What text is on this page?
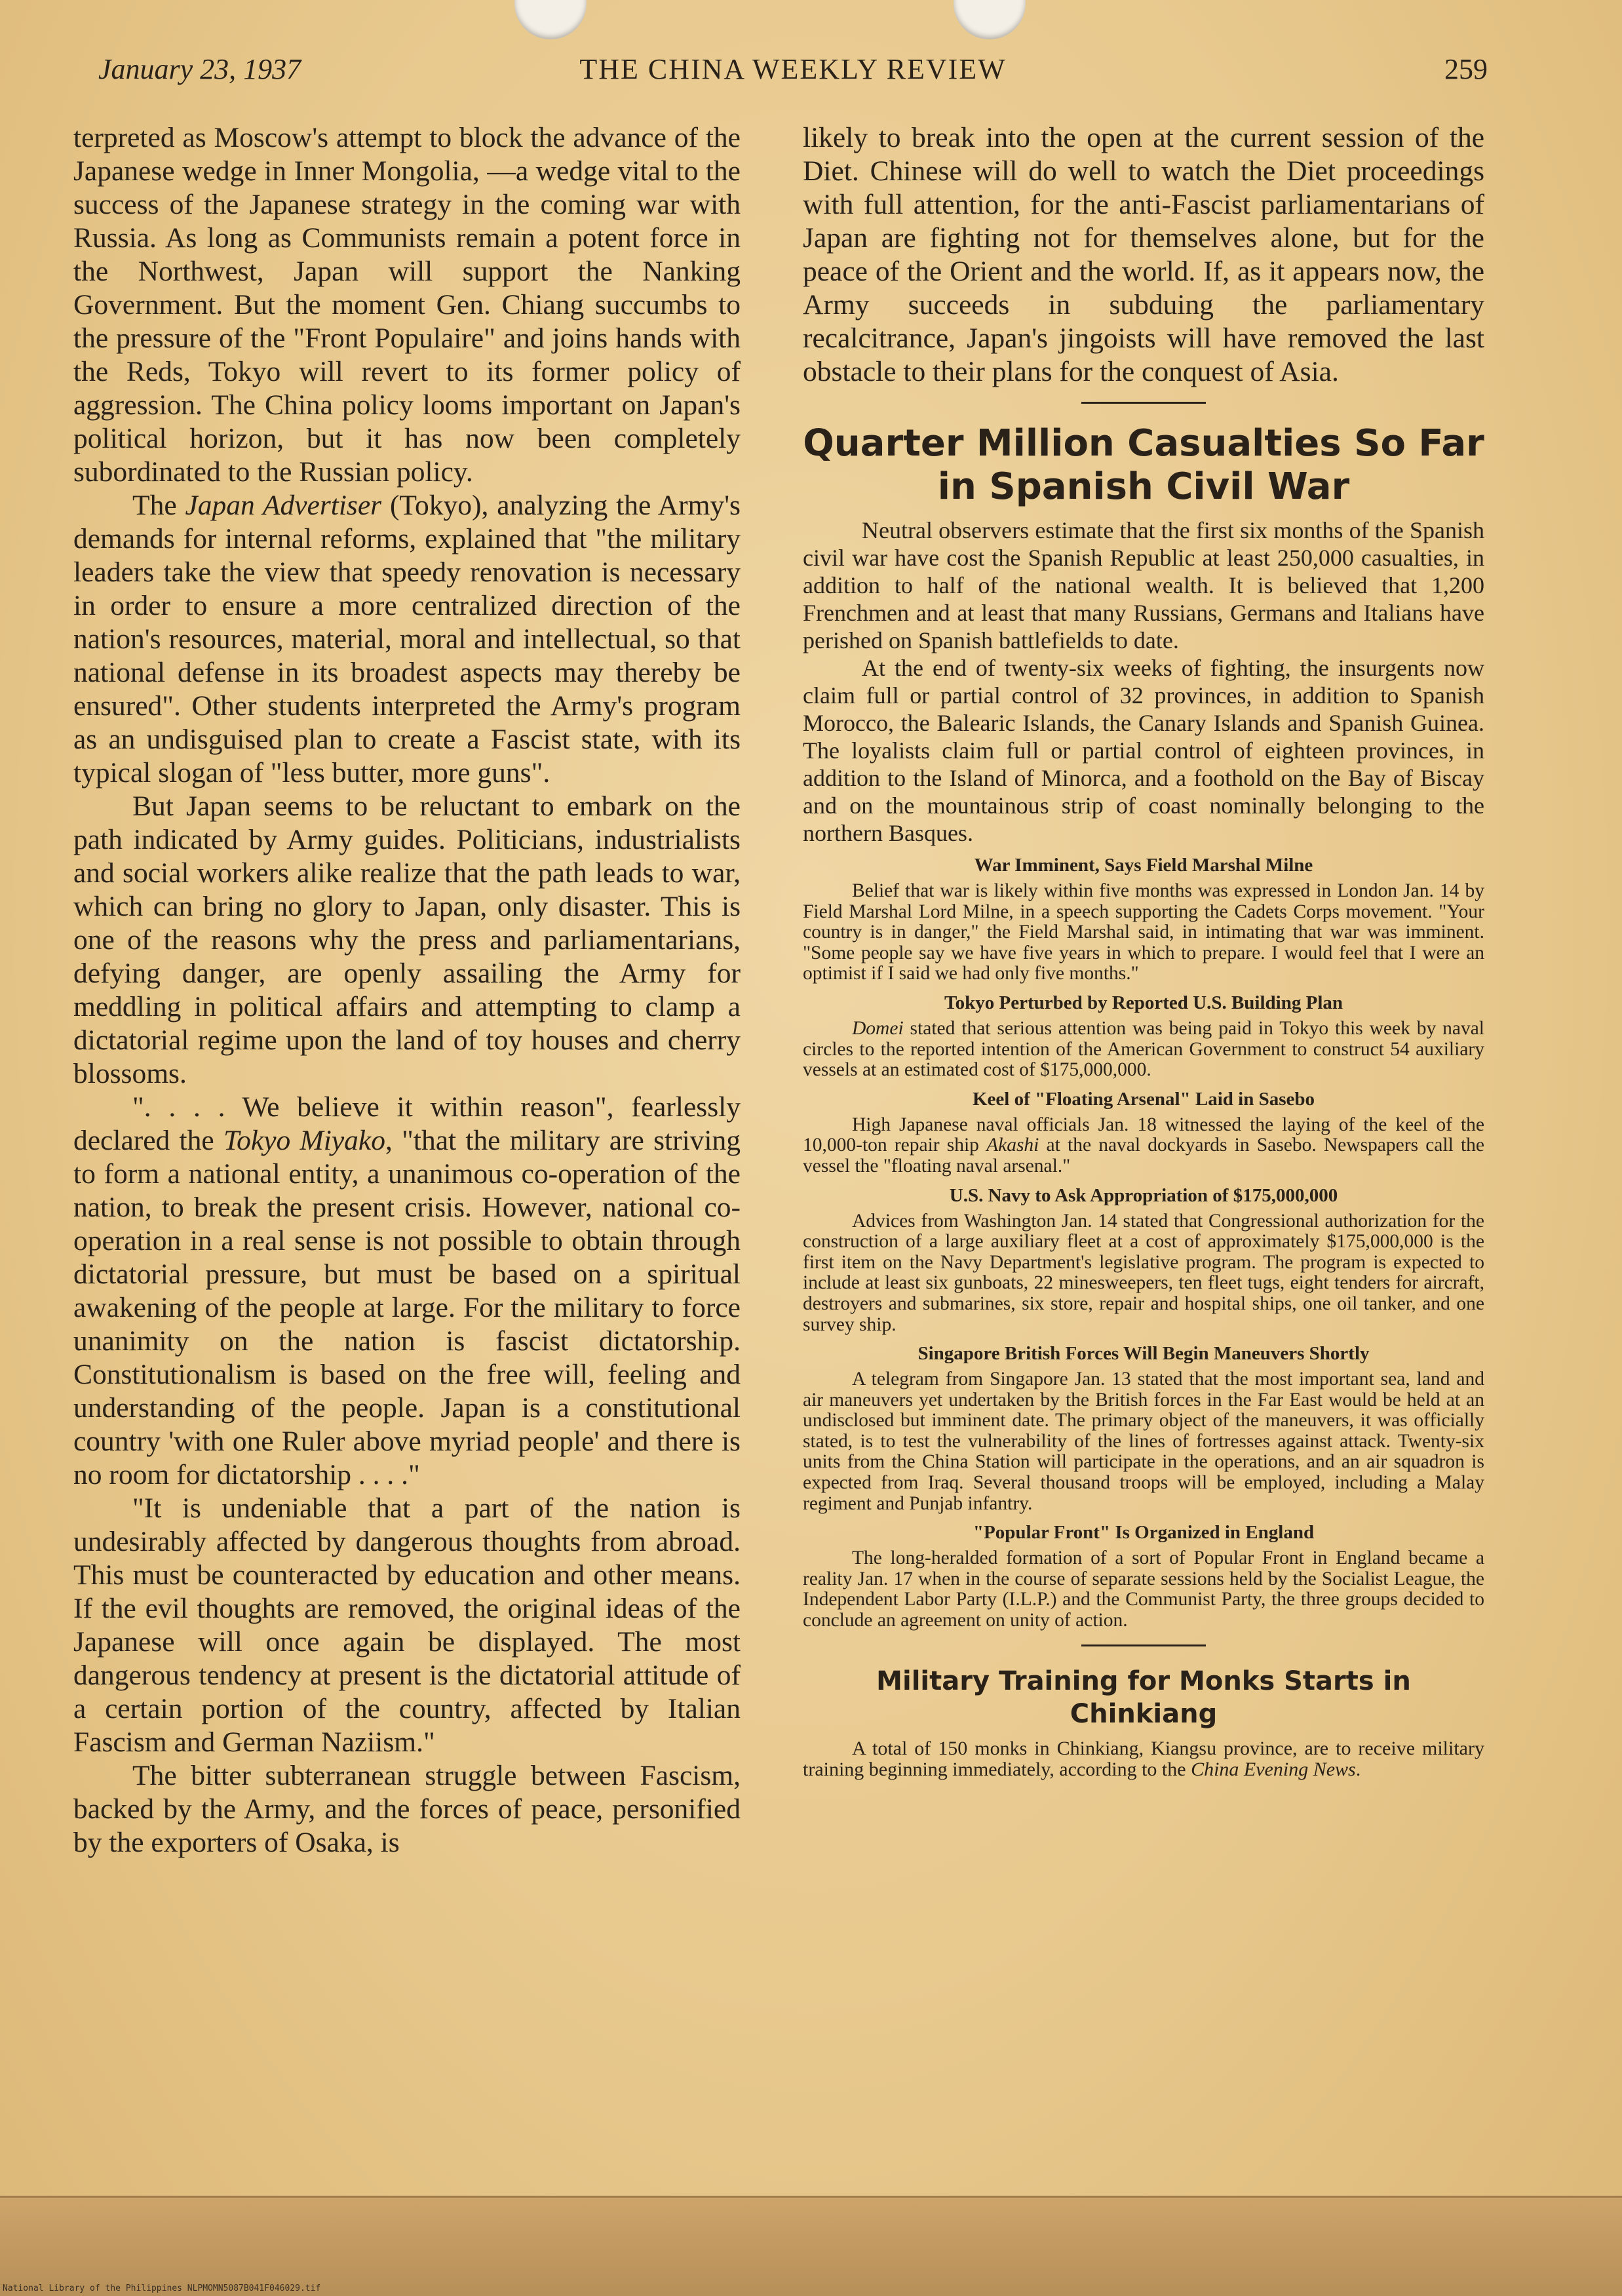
January 23, 1937	THE CHINA WEEKLY REVIEW	259

terpreted as Moscow's attempt to block the advance of the Japanese wedge in Inner Mongolia, —a wedge vital to the success of the Japanese strategy in the coming war with Russia. As long as Communists remain a potent force in the Northwest, Japan will support the Nanking Government. But the moment Gen. Chiang succumbs to the pressure of the "Front Populaire" and joins hands with the Reds, Tokyo will revert to its former policy of aggression. The China policy looms important on Japan's political horizon, but it has now been completely subordinated to the Russian policy.

The Japan Advertiser (Tokyo), analyzing the Army's demands for internal reforms, explained that "the military leaders take the view that speedy renovation is necessary in order to ensure a more centralized direction of the nation's resources, material, moral and intellectual, so that national defense in its broadest aspects may thereby be ensured". Other students interpreted the Army's program as an undisguised plan to create a Fascist state, with its typical slogan of "less butter, more guns".

But Japan seems to be reluctant to embark on the path indicated by Army guides. Politicians, industrialists and social workers alike realize that the path leads to war, which can bring no glory to Japan, only disaster. This is one of the reasons why the press and parliamentarians, defying danger, are openly assailing the Army for meddling in political affairs and attempting to clamp a dictatorial regime upon the land of toy houses and cherry blossoms.

". . . . We believe it within reason", fearlessly declared the Tokyo Miyako, "that the military are striving to form a national entity, a unanimous co-operation of the nation, to break the present crisis. However, national co-operation in a real sense is not possible to obtain through dictatorial pressure, but must be based on a spiritual awakening of the people at large. For the military to force unanimity on the nation is fascist dictatorship. Constitutionalism is based on the free will, feeling and understanding of the people. Japan is a constitutional country 'with one Ruler above myriad people' and there is no room for dictatorship . . . ."

"It is undeniable that a part of the nation is undesirably affected by dangerous thoughts from abroad. This must be counteracted by education and other means. If the evil thoughts are removed, the original ideas of the Japanese will once again be displayed. The most dangerous tendency at present is the dictatorial attitude of a certain portion of the country, affected by Italian Fascism and German Naziism."

The bitter subterranean struggle between Fascism, backed by the Army, and the forces of peace, personified by the exporters of Osaka, is

likely to break into the open at the current session of the Diet. Chinese will do well to watch the Diet proceedings with full attention, for the anti-Fascist parliamentarians of Japan are fighting not for themselves alone, but for the peace of the Orient and the world. If, as it appears now, the Army succeeds in subduing the parliamentary recalcitrance, Japan's jingoists will have removed the last obstacle to their plans for the conquest of Asia.

Quarter Million Casualties So Far
in Spanish Civil War

Neutral observers estimate that the first six months of the Spanish civil war have cost the Spanish Republic at least 250,000 casualties, in addition to half of the national wealth. It is believed that 1,200 Frenchmen and at least that many Russians, Germans and Italians have perished on Spanish battlefields to date.

At the end of twenty-six weeks of fighting, the insurgents now claim full or partial control of 32 provinces, in addition to Spanish Morocco, the Balearic Islands, the Canary Islands and Spanish Guinea. The loyalists claim full or partial control of eighteen provinces, in addition to the Island of Minorca, and a foothold on the Bay of Biscay and on the mountainous strip of coast nominally belonging to the northern Basques.

War Imminent, Says Field Marshal Milne

Belief that war is likely within five months was expressed in London Jan. 14 by Field Marshal Lord Milne, in a speech supporting the Cadets Corps movement. "Your country is in danger," the Field Marshal said, in intimating that war was imminent. "Some people say we have five years in which to prepare. I would feel that I were an optimist if I said we had only five months."

Tokyo Perturbed by Reported U.S. Building Plan

Domei stated that serious attention was being paid in Tokyo this week by naval circles to the reported intention of the American Government to construct 54 auxiliary vessels at an estimated cost of $175,000,000.

Keel of "Floating Arsenal" Laid in Sasebo

High Japanese naval officials Jan. 18 witnessed the laying of the keel of the 10,000-ton repair ship Akashi at the naval dockyards in Sasebo. Newspapers call the vessel the "floating naval arsenal."

U.S. Navy to Ask Appropriation of $175,000,000

Advices from Washington Jan. 14 stated that Congressional authorization for the construction of a large auxiliary fleet at a cost of approximately $175,000,000 is the first item on the Navy Department's legislative program. The program is expected to include at least six gunboats, 22 minesweepers, ten fleet tugs, eight tenders for aircraft, destroyers and submarines, six store, repair and hospital ships, one oil tanker, and one survey ship.

Singapore British Forces Will Begin Maneuvers Shortly

A telegram from Singapore Jan. 13 stated that the most important sea, land and air maneuvers yet undertaken by the British forces in the Far East would be held at an undisclosed but imminent date. The primary object of the maneuvers, it was officially stated, is to test the vulnerability of the lines of fortresses against attack. Twenty-six units from the China Station will participate in the operations, and an air squadron is expected from Iraq. Several thousand troops will be employed, including a Malay regiment and Punjab infantry.

"Popular Front" Is Organized in England

The long-heralded formation of a sort of Popular Front in England became a reality Jan. 17 when in the course of separate sessions held by the Socialist League, the Independent Labor Party (I.L.P.) and the Communist Party, the three groups decided to conclude an agreement on unity of action.

Military Training for Monks Starts in
Chinkiang

A total of 150 monks in Chinkiang, Kiangsu province, are to receive military training beginning immediately, according to the China Evening News.

National Library of the Philippines NLPMOMN5087B041F046029.tif
